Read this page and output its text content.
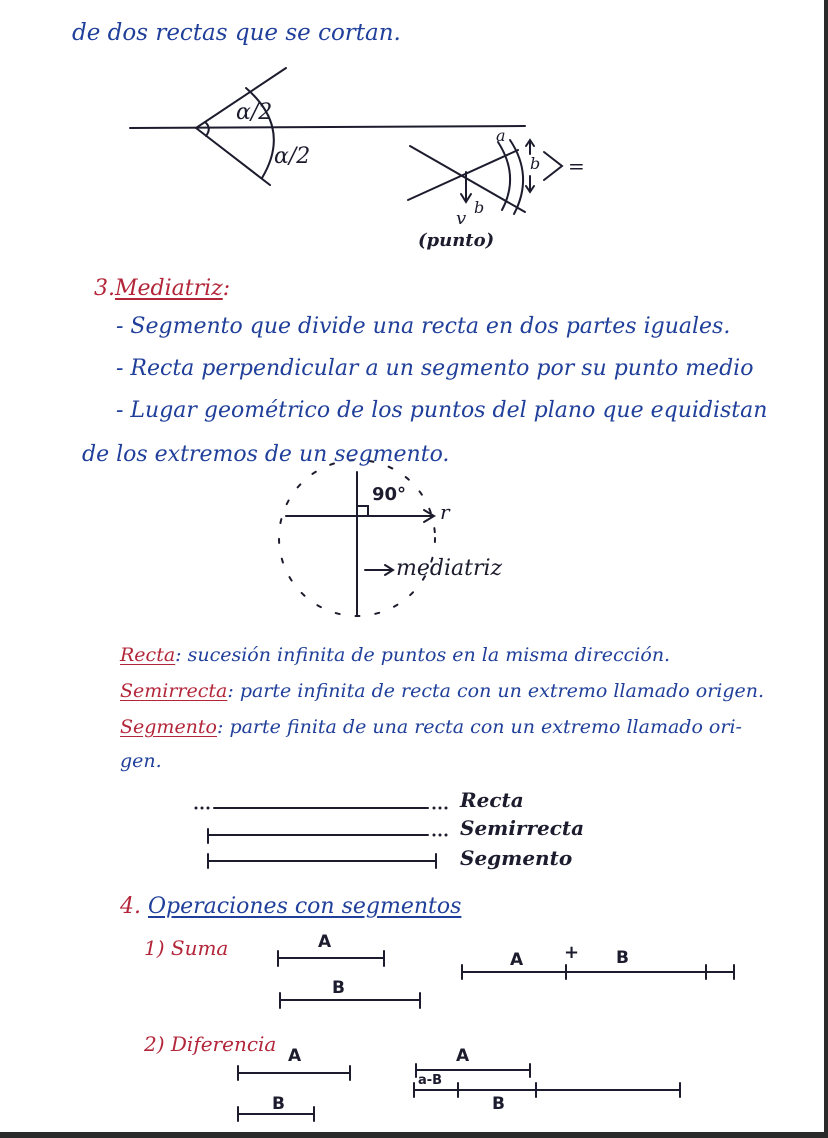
de dos rectas que se cortan.
α/2
α/2
a
b
b
v
=
(punto)
3.Mediatriz:
- Segmento que divide una recta en dos partes iguales.
- Recta perpendicular a un segmento por su punto medio
- Lugar geométrico de los puntos del plano que equidistan
de los extremos de un segmento.
90°
r
mediatriz
Recta: sucesión infinita de puntos en la misma dirección.
Semirrecta: parte infinita de recta con un extremo llamado origen.
Segmento: parte finita de una recta con un extremo llamado ori-
gen.
Recta
Semirrecta
Segmento
4. Operaciones con segmentos
1) Suma	A
B
A + B
2) Diferencia A
B
A
a-B
B
